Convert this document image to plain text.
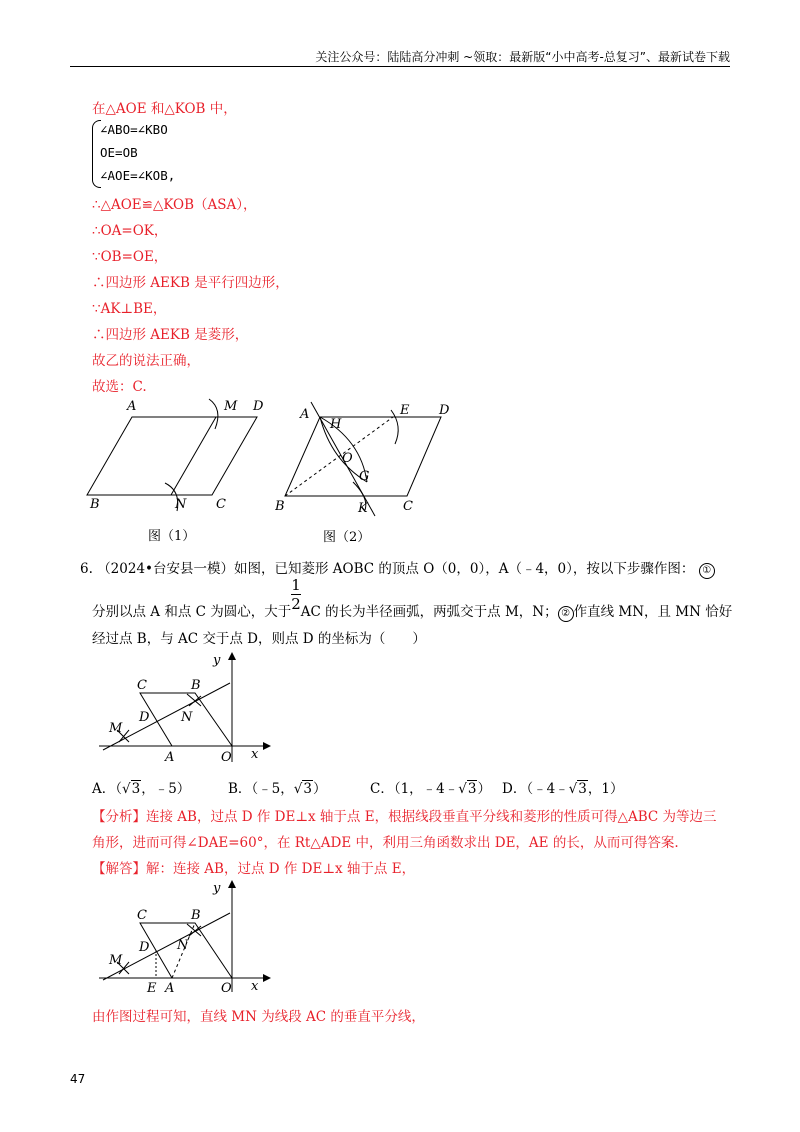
关注公众号：陆陆高分冲刺 ~领取：最新版“小中高考-总复习”、最新试卷下载
在△AOE 和△KOB 中，
∠ABO=∠KBO
OE=OB
∠AOE=∠KOB,
∴△AOE≌△KOB（ASA），
∴OA=OK，
∵OB=OE，
∴四边形 AEKB 是平行四边形，
∵AK⊥BE，
∴四边形 AEKB 是菱形，
故乙的说法正确，
故选：C.
A	M D
B	N C
图（1）
A
H
E D
O
G
B	K	C
图（2）
6. （2024•台安县一模）如图，已知菱形 AOBC 的顶点 O（0，0），A（﹣4，0），按以下步骤作图： ①
分别以点 A 和点 C 为圆心，大于 $\frac{1}{2}$ AC 的长为半径画弧，两弧交于点 M，N； ② 作直线 MN，且 MN 恰好
经过点 B，与 AC 交于点 D，则点 D 的坐标为（　　）
y
C	B
D N
M
A	O x
A．（√3，﹣5）	B．（﹣5，√3）	C．（1，﹣4﹣√3） D．（﹣4﹣√3，1）
【分析】连接 AB，过点 D 作 DE⊥x 轴于点 E，根据线段垂直平分线和菱形的性质可得△ABC 为等边三
角形，进而可得∠DAE=60°，在 Rt△ADE 中，利用三角函数求出 DE，AE 的长，从而可得答案.
【解答】解：连接 AB，过点 D 作 DE⊥x 轴于点 E，
y
C	B
D N
M
E A	O x
由作图过程可知，直线 MN 为线段 AC 的垂直平分线，
47
